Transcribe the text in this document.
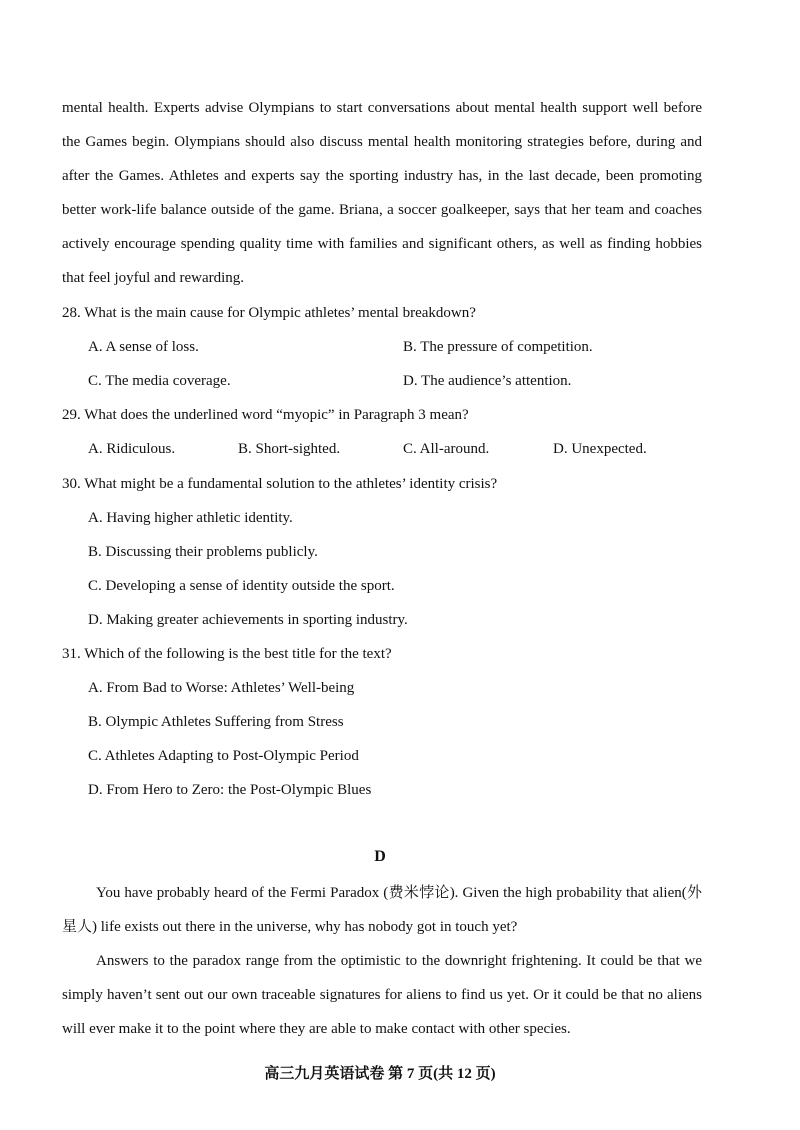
mental health. Experts advise Olympians to start conversations about mental health support well before the Games begin. Olympians should also discuss mental health monitoring strategies before, during and after the Games. Athletes and experts say the sporting industry has, in the last decade, been promoting better work-life balance outside of the game. Briana, a soccer goalkeeper, says that her team and coaches actively encourage spending quality time with families and significant others, as well as finding hobbies that feel joyful and rewarding.

28. What is the main cause for Olympic athletes’ mental breakdown?

A. A sense of loss.	B. The pressure of competition.

C. The media coverage.	D. The audience’s attention.

29. What does the underlined word “myopic” in Paragraph 3 mean?

A. Ridiculous.	B. Short-sighted.	C. All-around.	D. Unexpected.

30. What might be a fundamental solution to the athletes’ identity crisis?

A. Having higher athletic identity.

B. Discussing their problems publicly.

C. Developing a sense of identity outside the sport.

D. Making greater achievements in sporting industry.

31. Which of the following is the best title for the text?

A. From Bad to Worse: Athletes’ Well-being

B. Olympic Athletes Suffering from Stress

C. Athletes Adapting to Post-Olympic Period

D. From Hero to Zero: the Post-Olympic Blues

D

You have probably heard of the Fermi Paradox (费米悖论). Given the high probability that alien(外星人) life exists out there in the universe, why has nobody got in touch yet?

Answers to the paradox range from the optimistic to the downright frightening. It could be that we simply haven’t sent out our own traceable signatures for aliens to find us yet. Or it could be that no aliens will ever make it to the point where they are able to make contact with other species.

高三九月英语试卷 第 7 页(共 12 页)
